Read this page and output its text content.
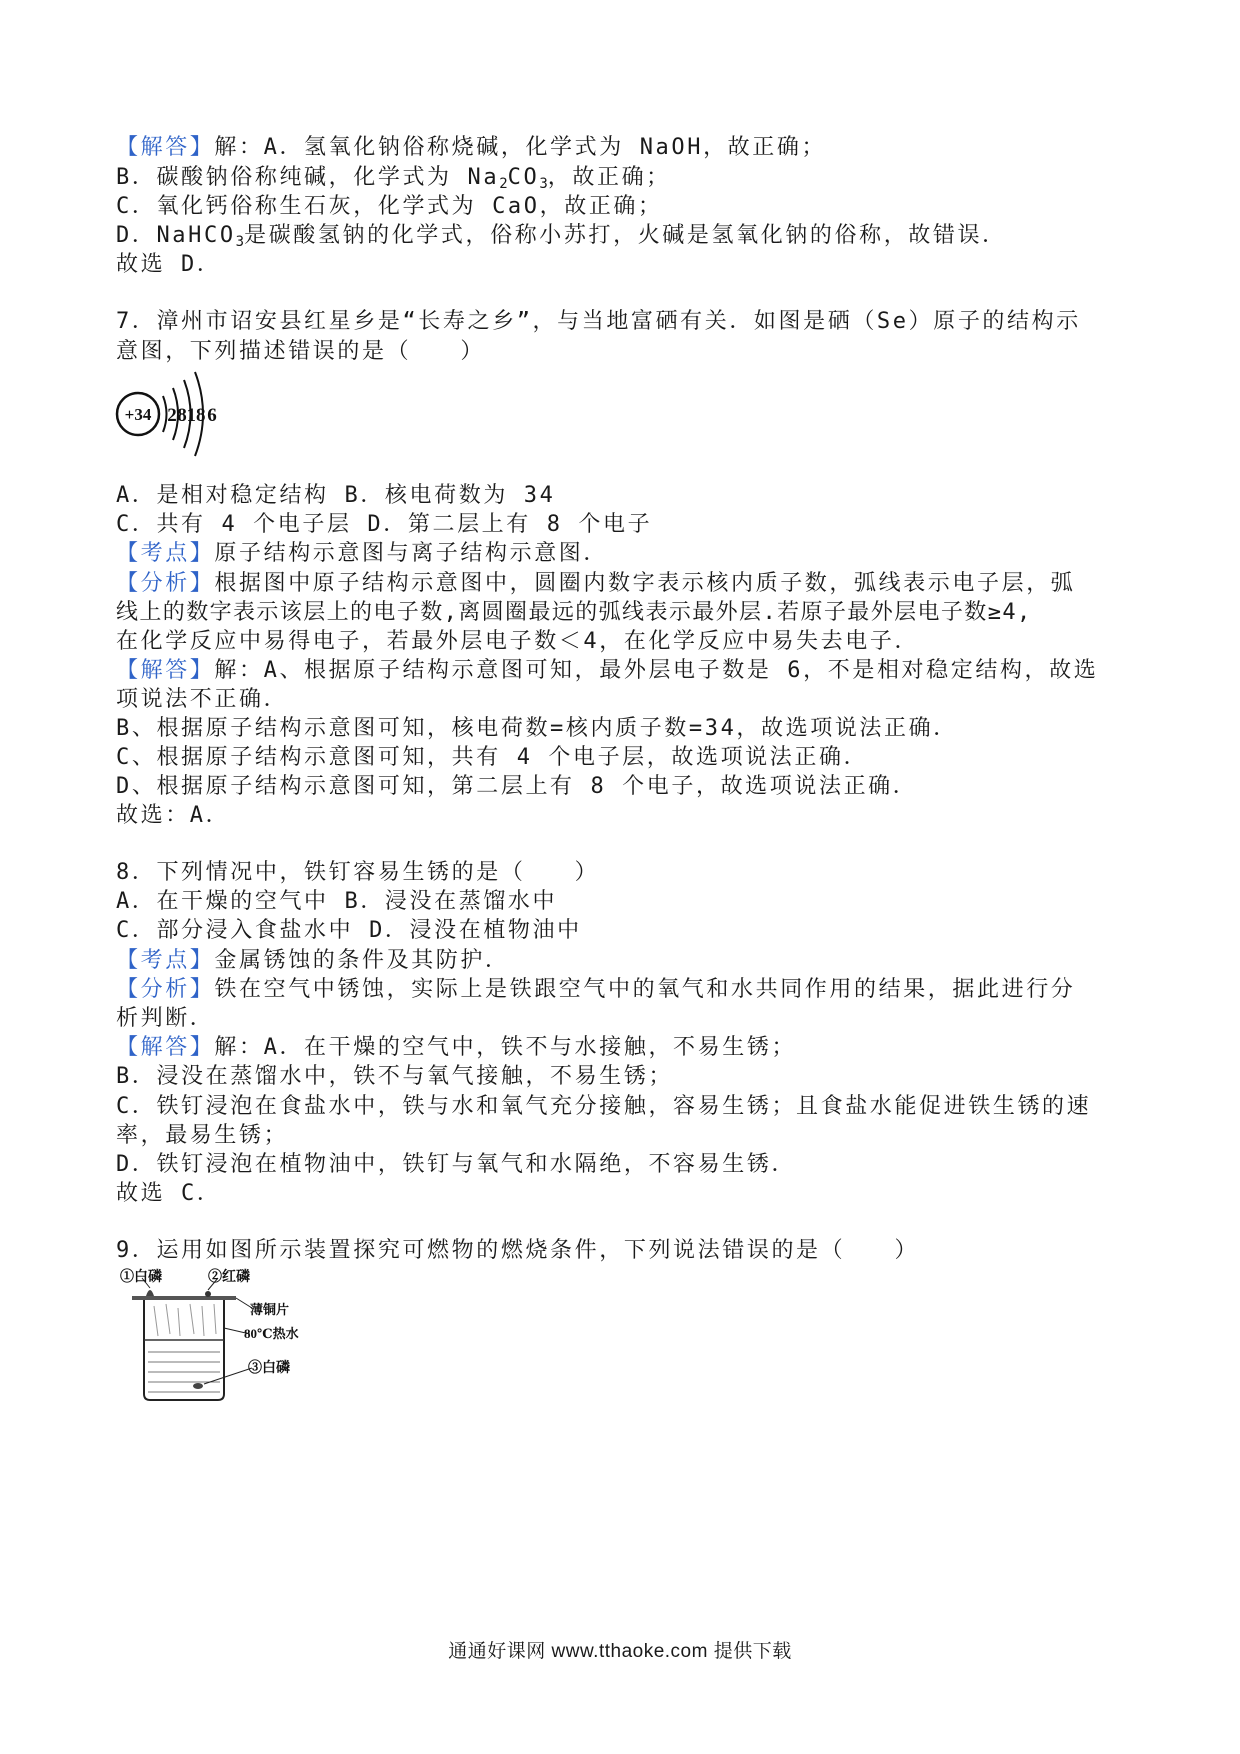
【解答】解：A．氢氧化钠俗称烧碱，化学式为 NaOH，故正确；
B．碳酸钠俗称纯碱，化学式为 $Na_2CO_3$，故正确；
C．氧化钙俗称生石灰，化学式为 CaO，故正确；
D．NaHCO$_3$是碳酸氢钠的化学式，俗称小苏打，火碱是氢氧化钠的俗称，故错误．
故选 D．
7．漳州市诏安县红星乡是“长寿之乡”，与当地富硒有关．如图是硒（Se）原子的结构示
意图，下列描述错误的是（　　）
+34 2 8 18 6
A．是相对稳定结构 B．核电荷数为 34
C．共有 4 个电子层 D．第二层上有 8 个电子
【考点】原子结构示意图与离子结构示意图．
【分析】根据图中原子结构示意图中，圆圈内数字表示核内质子数，弧线表示电子层，弧
线上的数字表示该层上的电子数,离圆圈最远的弧线表示最外层.若原子最外层电子数≥4,
在化学反应中易得电子，若最外层电子数＜4，在化学反应中易失去电子．
【解答】解：A、根据原子结构示意图可知，最外层电子数是 6，不是相对稳定结构，故选
项说法不正确．
B、根据原子结构示意图可知，核电荷数=核内质子数=34，故选项说法正确．
C、根据原子结构示意图可知，共有 4 个电子层，故选项说法正确．
D、根据原子结构示意图可知，第二层上有 8 个电子，故选项说法正确．
故选：A．
8．下列情况中，铁钉容易生锈的是（　　）
A．在干燥的空气中 B．浸没在蒸馏水中
C．部分浸入食盐水中 D．浸没在植物油中
【考点】金属锈蚀的条件及其防护．
【分析】铁在空气中锈蚀，实际上是铁跟空气中的氧气和水共同作用的结果，据此进行分
析判断．
【解答】解：A．在干燥的空气中，铁不与水接触，不易生锈；
B．浸没在蒸馏水中，铁不与氧气接触，不易生锈；
C．铁钉浸泡在食盐水中，铁与水和氧气充分接触，容易生锈；且食盐水能促进铁生锈的速
率，最易生锈；
D．铁钉浸泡在植物油中，铁钉与氧气和水隔绝，不容易生锈．
故选 C．
9．运用如图所示装置探究可燃物的燃烧条件，下列说法错误的是（　　）
①白磷	②红磷
薄铜片
80℃热水
③白磷
通通好课网 www.tthaoke.com 提供下载
